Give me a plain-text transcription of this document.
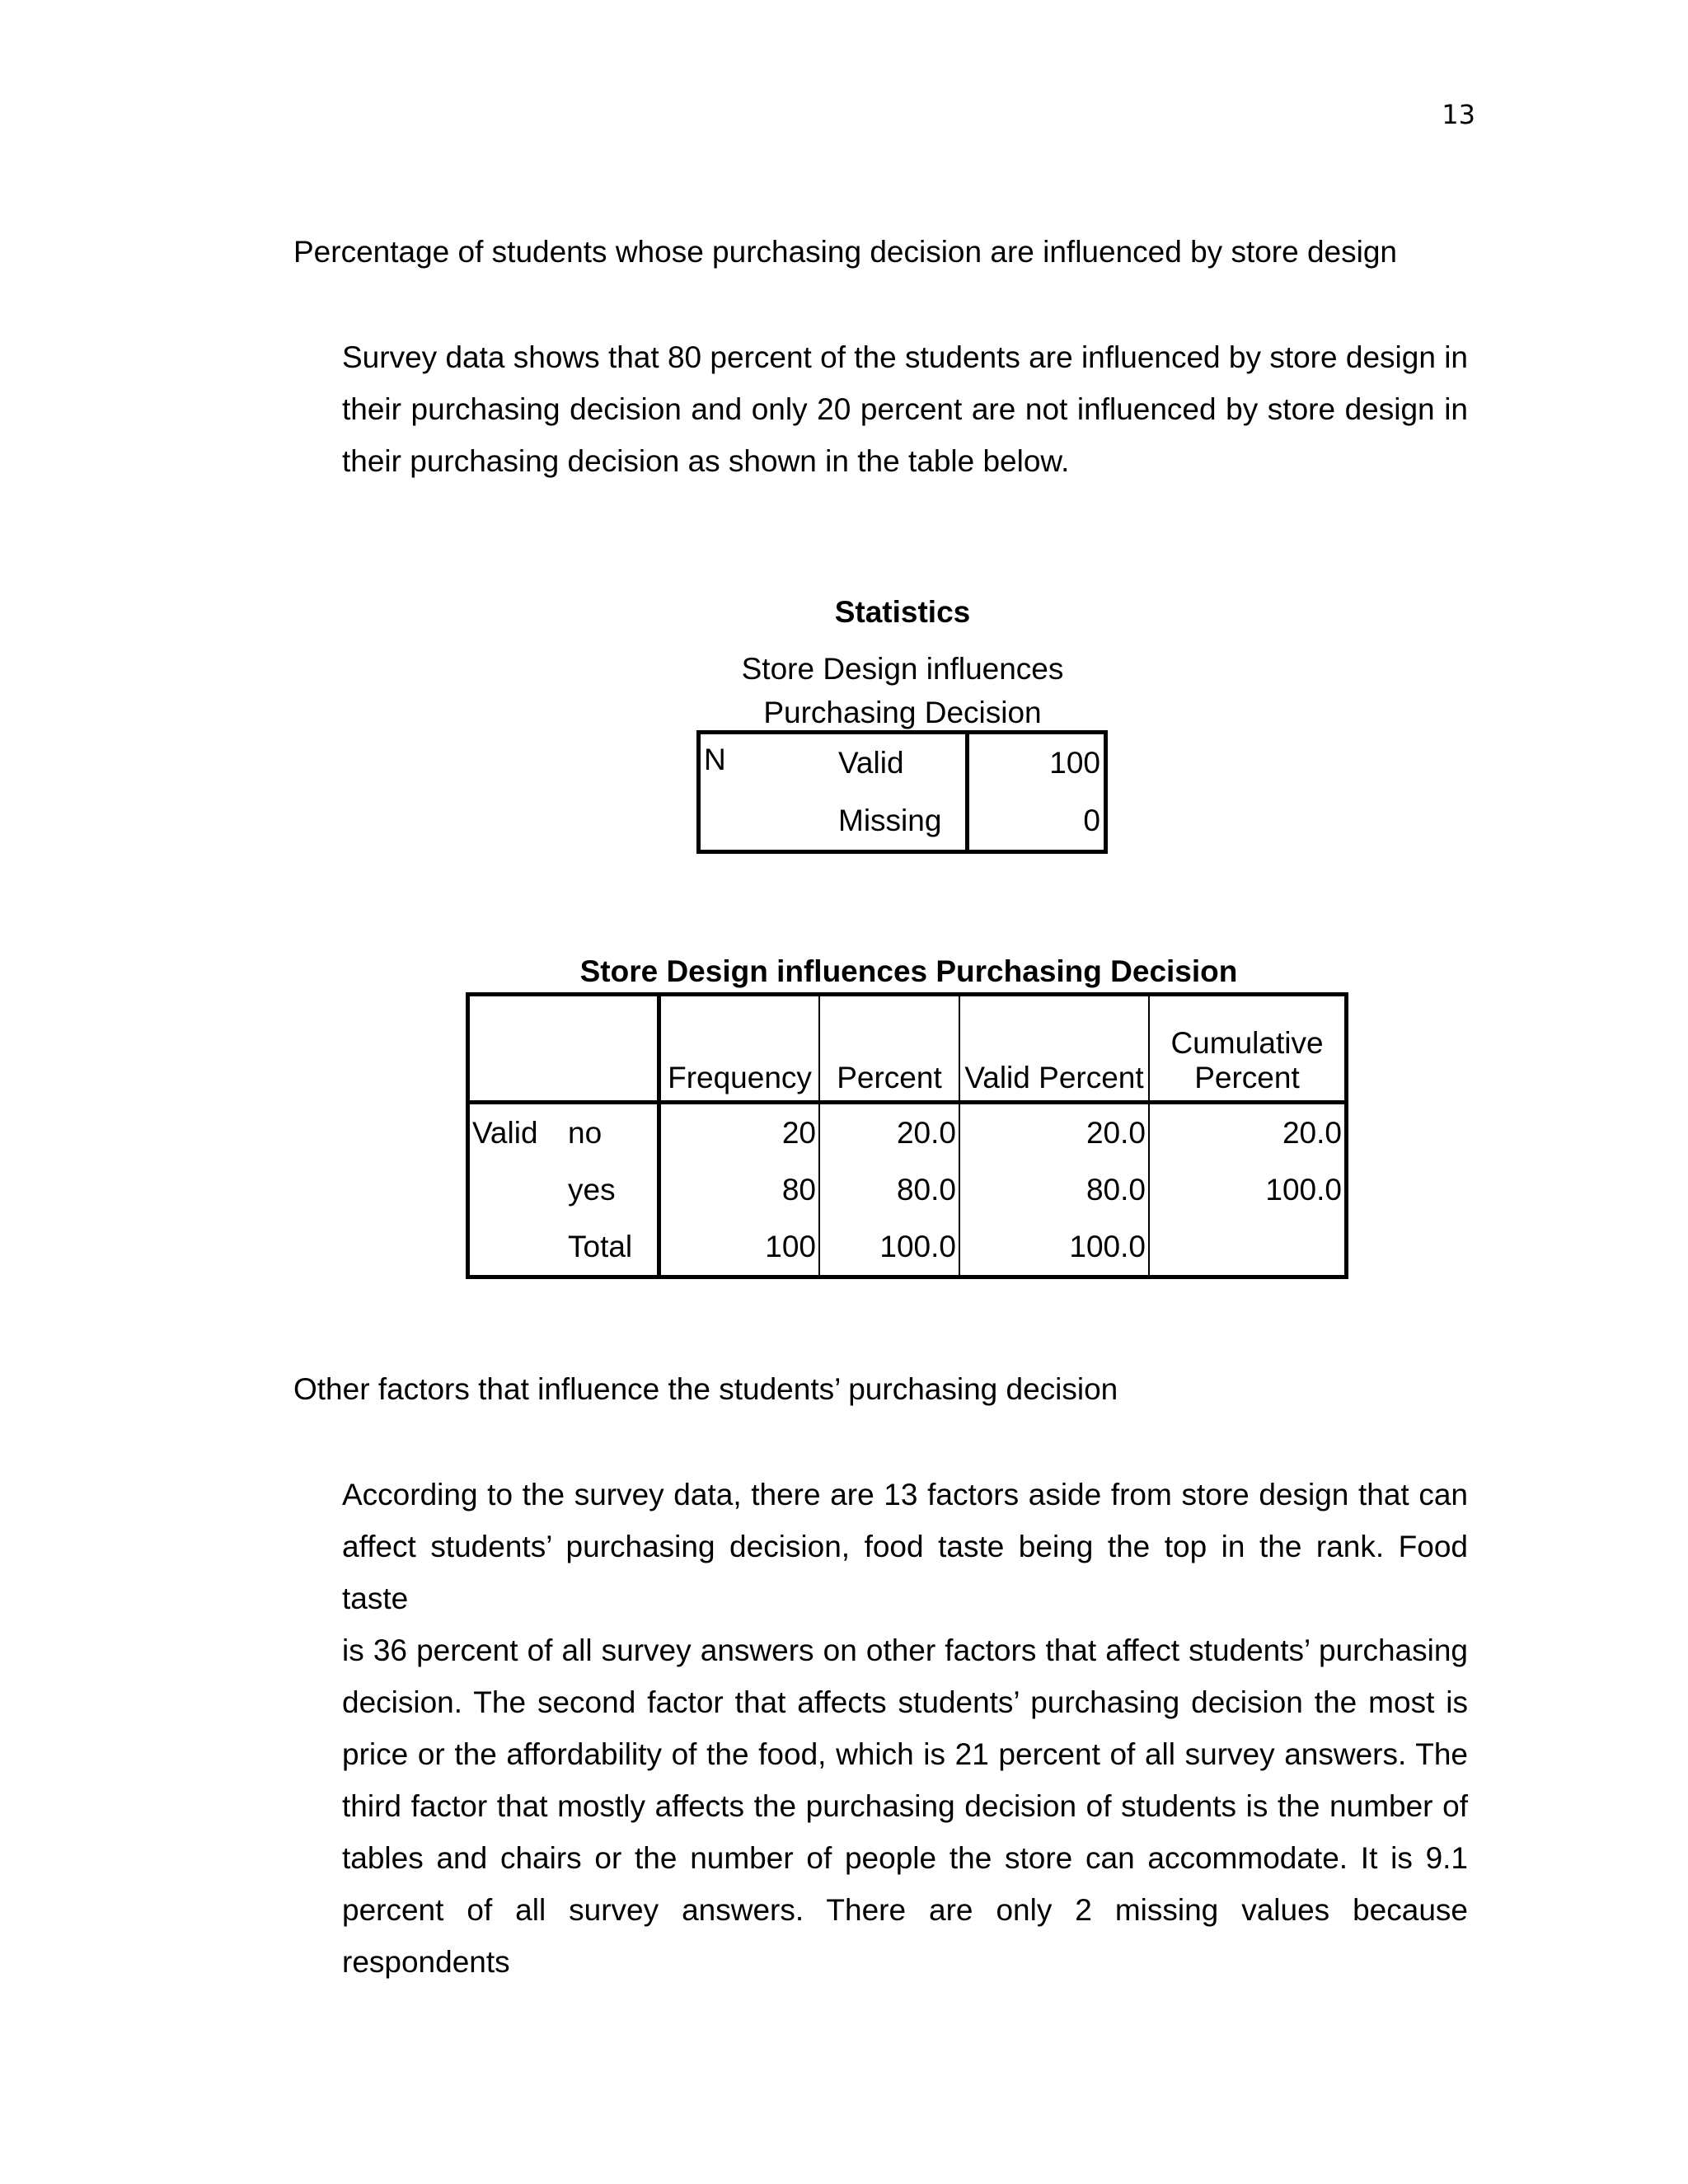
13
Percentage of students whose purchasing decision are influenced by store design
Survey data shows that 80 percent of the students are influenced by store design in
their purchasing decision and only 20 percent are not influenced by store design in
their purchasing decision as shown in the table below.
Statistics
Store Design influences
Purchasing Decision
N	Valid	100
	Missing	0
Store Design influences Purchasing Decision
		Frequency	Percent	Valid Percent	Cumulative
Percent

Valid	no	20	20.0	20.0	20.0
	yes	80	80.0	80.0	100.0
	Total	100	100.0	100.0	
Other factors that influence the students’ purchasing decision
According to the survey data, there are 13 factors aside from store design that can
affect students’ purchasing decision, food taste being the top in the rank. Food taste
is 36 percent of all survey answers on other factors that affect students’ purchasing
decision. The second factor that affects students’ purchasing decision the most is
price or the affordability of the food, which is 21 percent of all survey answers. The
third factor that mostly affects the purchasing decision of students is the number of
tables and chairs or the number of people the store can accommodate. It is 9.1
percent of all survey answers. There are only 2 missing values because respondents
